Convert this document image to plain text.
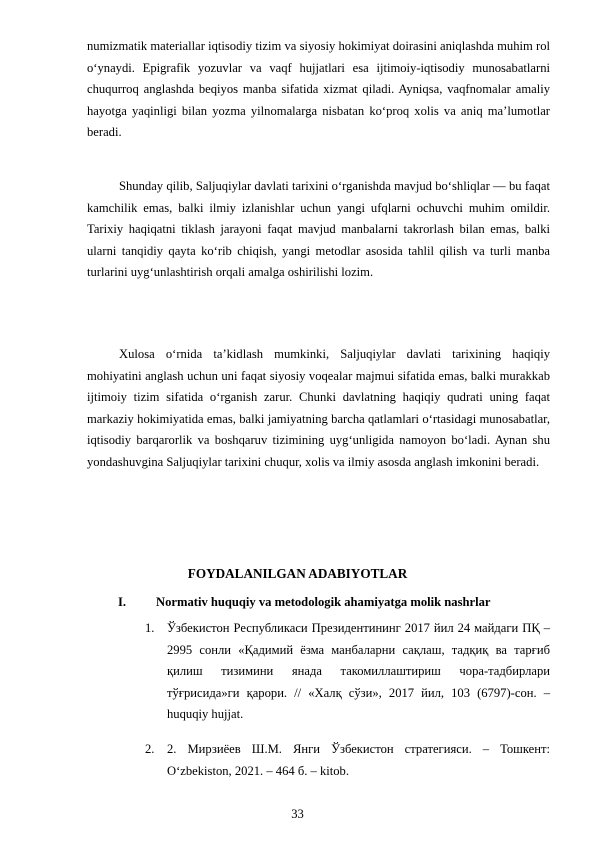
numizmatik materiallar iqtisodiy tizim va siyosiy hokimiyat doirasini aniqlashda muhim rol o‘ynaydi. Epigrafik yozuvlar va vaqf hujjatlari esa ijtimoiy-iqtisodiy munosabatlarni chuqurroq anglashda beqiyos manba sifatida xizmat qiladi. Ayniqsa, vaqfnomalar amaliy hayotga yaqinligi bilan yozma yilnomalarga nisbatan ko‘proq xolis va aniq ma’lumotlar beradi.
Shunday qilib, Saljuqiylar davlati tarixini o‘rganishda mavjud bo‘shliqlar — bu faqat kamchilik emas, balki ilmiy izlanishlar uchun yangi ufqlarni ochuvchi muhim omildir. Tarixiy haqiqatni tiklash jarayoni faqat mavjud manbalarni takrorlash bilan emas, balki ularni tanqidiy qayta ko‘rib chiqish, yangi metodlar asosida tahlil qilish va turli manba turlarini uyg‘unlashtirish orqali amalga oshirilishi lozim.
Xulosa o‘rnida ta’kidlash mumkinki, Saljuqiylar davlati tarixining haqiqiy mohiyatini anglash uchun uni faqat siyosiy voqealar majmui sifatida emas, balki murakkab ijtimoiy tizim sifatida o‘rganish zarur. Chunki davlatning haqiqiy qudrati uning faqat markaziy hokimiyatida emas, balki jamiyatning barcha qatlamlari o‘rtasidagi munosabatlar, iqtisodiy barqarorlik va boshqaruv tizimining uyg‘unligida namoyon bo‘ladi. Aynan shu yondashuvgina Saljuqiylar tarixini chuqur, xolis va ilmiy asosda anglash imkonini beradi.
FOYDALANILGAN ADABIYOTLAR
I. Normativ huquqiy va metodologik ahamiyatga molik nashrlar
1. Ўзбекистон Республикаси Президентининг 2017 йил 24 майдаги ПҚ – 2995 сонли «Қадимий ёзма манбаларни сақлаш, тадқиқ ва тарғиб қилиш тизимини янада такомиллаштириш чора-тадбирлари тўғрисида»ги қарори. // «Халқ сўзи», 2017 йил, 103 (6797)-сон. – huquqiy hujjat.
2. 2. Мирзиёев Ш.М. Янги Ўзбекистон стратегияси. – Тошкент: O‘zbekiston, 2021. – 464 б. – kitob.
33
